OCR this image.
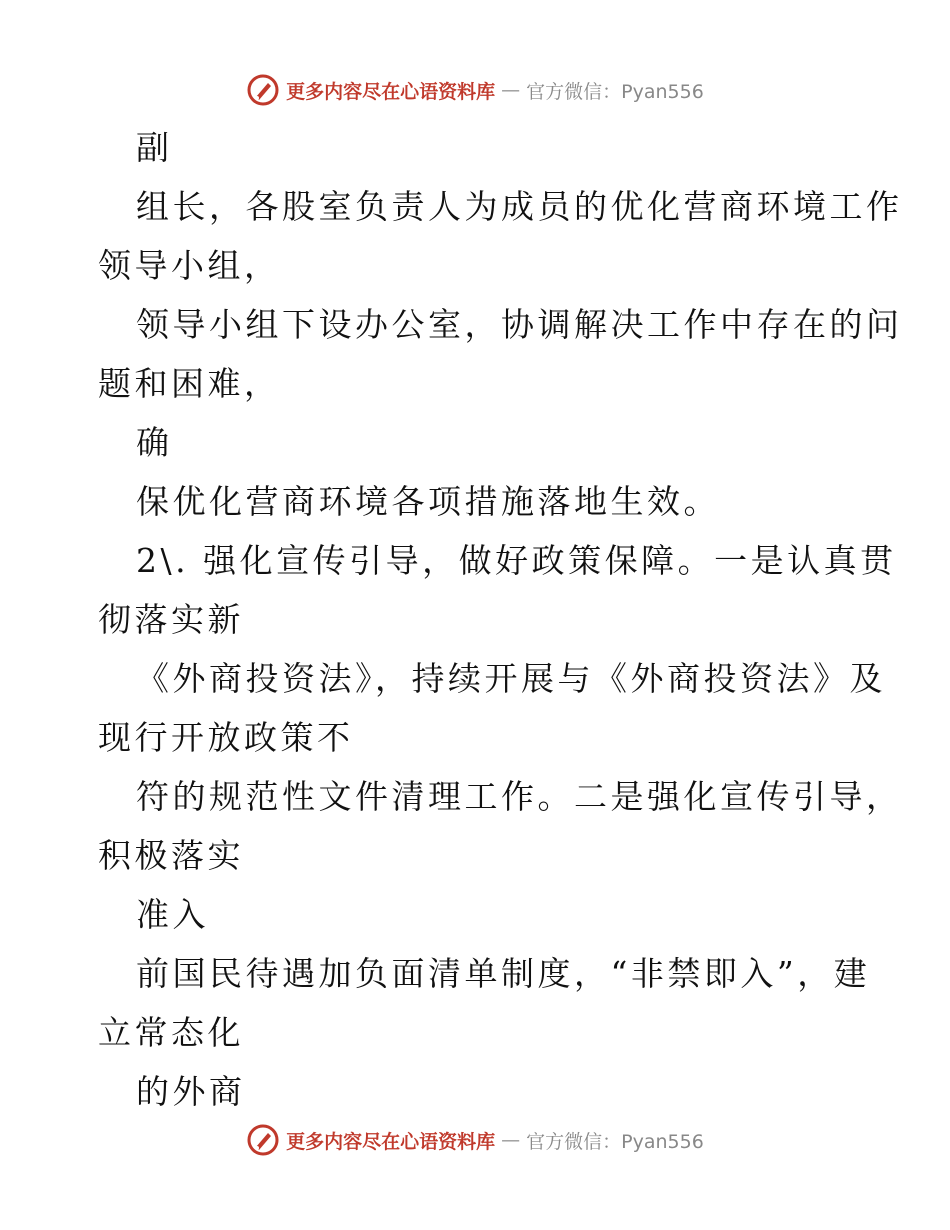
更多内容尽在心语资料库 — 官方微信：Pyan556
副
组长，各股室负责人为成员的优化营商环境工作
领导小组，
领导小组下设办公室，协调解决工作中存在的问
题和困难，
确
保优化营商环境各项措施落地生效。
2\. 强化宣传引导，做好政策保障。一是认真贯
彻落实新
《外商投资法》，持续开展与《外商投资法》及
现行开放政策不
符的规范性文件清理工作。二是强化宣传引导，
积极落实
准入
前国民待遇加负面清单制度，“非禁即入”，建
立常态化
的外商
更多内容尽在心语资料库 — 官方微信：Pyan556
